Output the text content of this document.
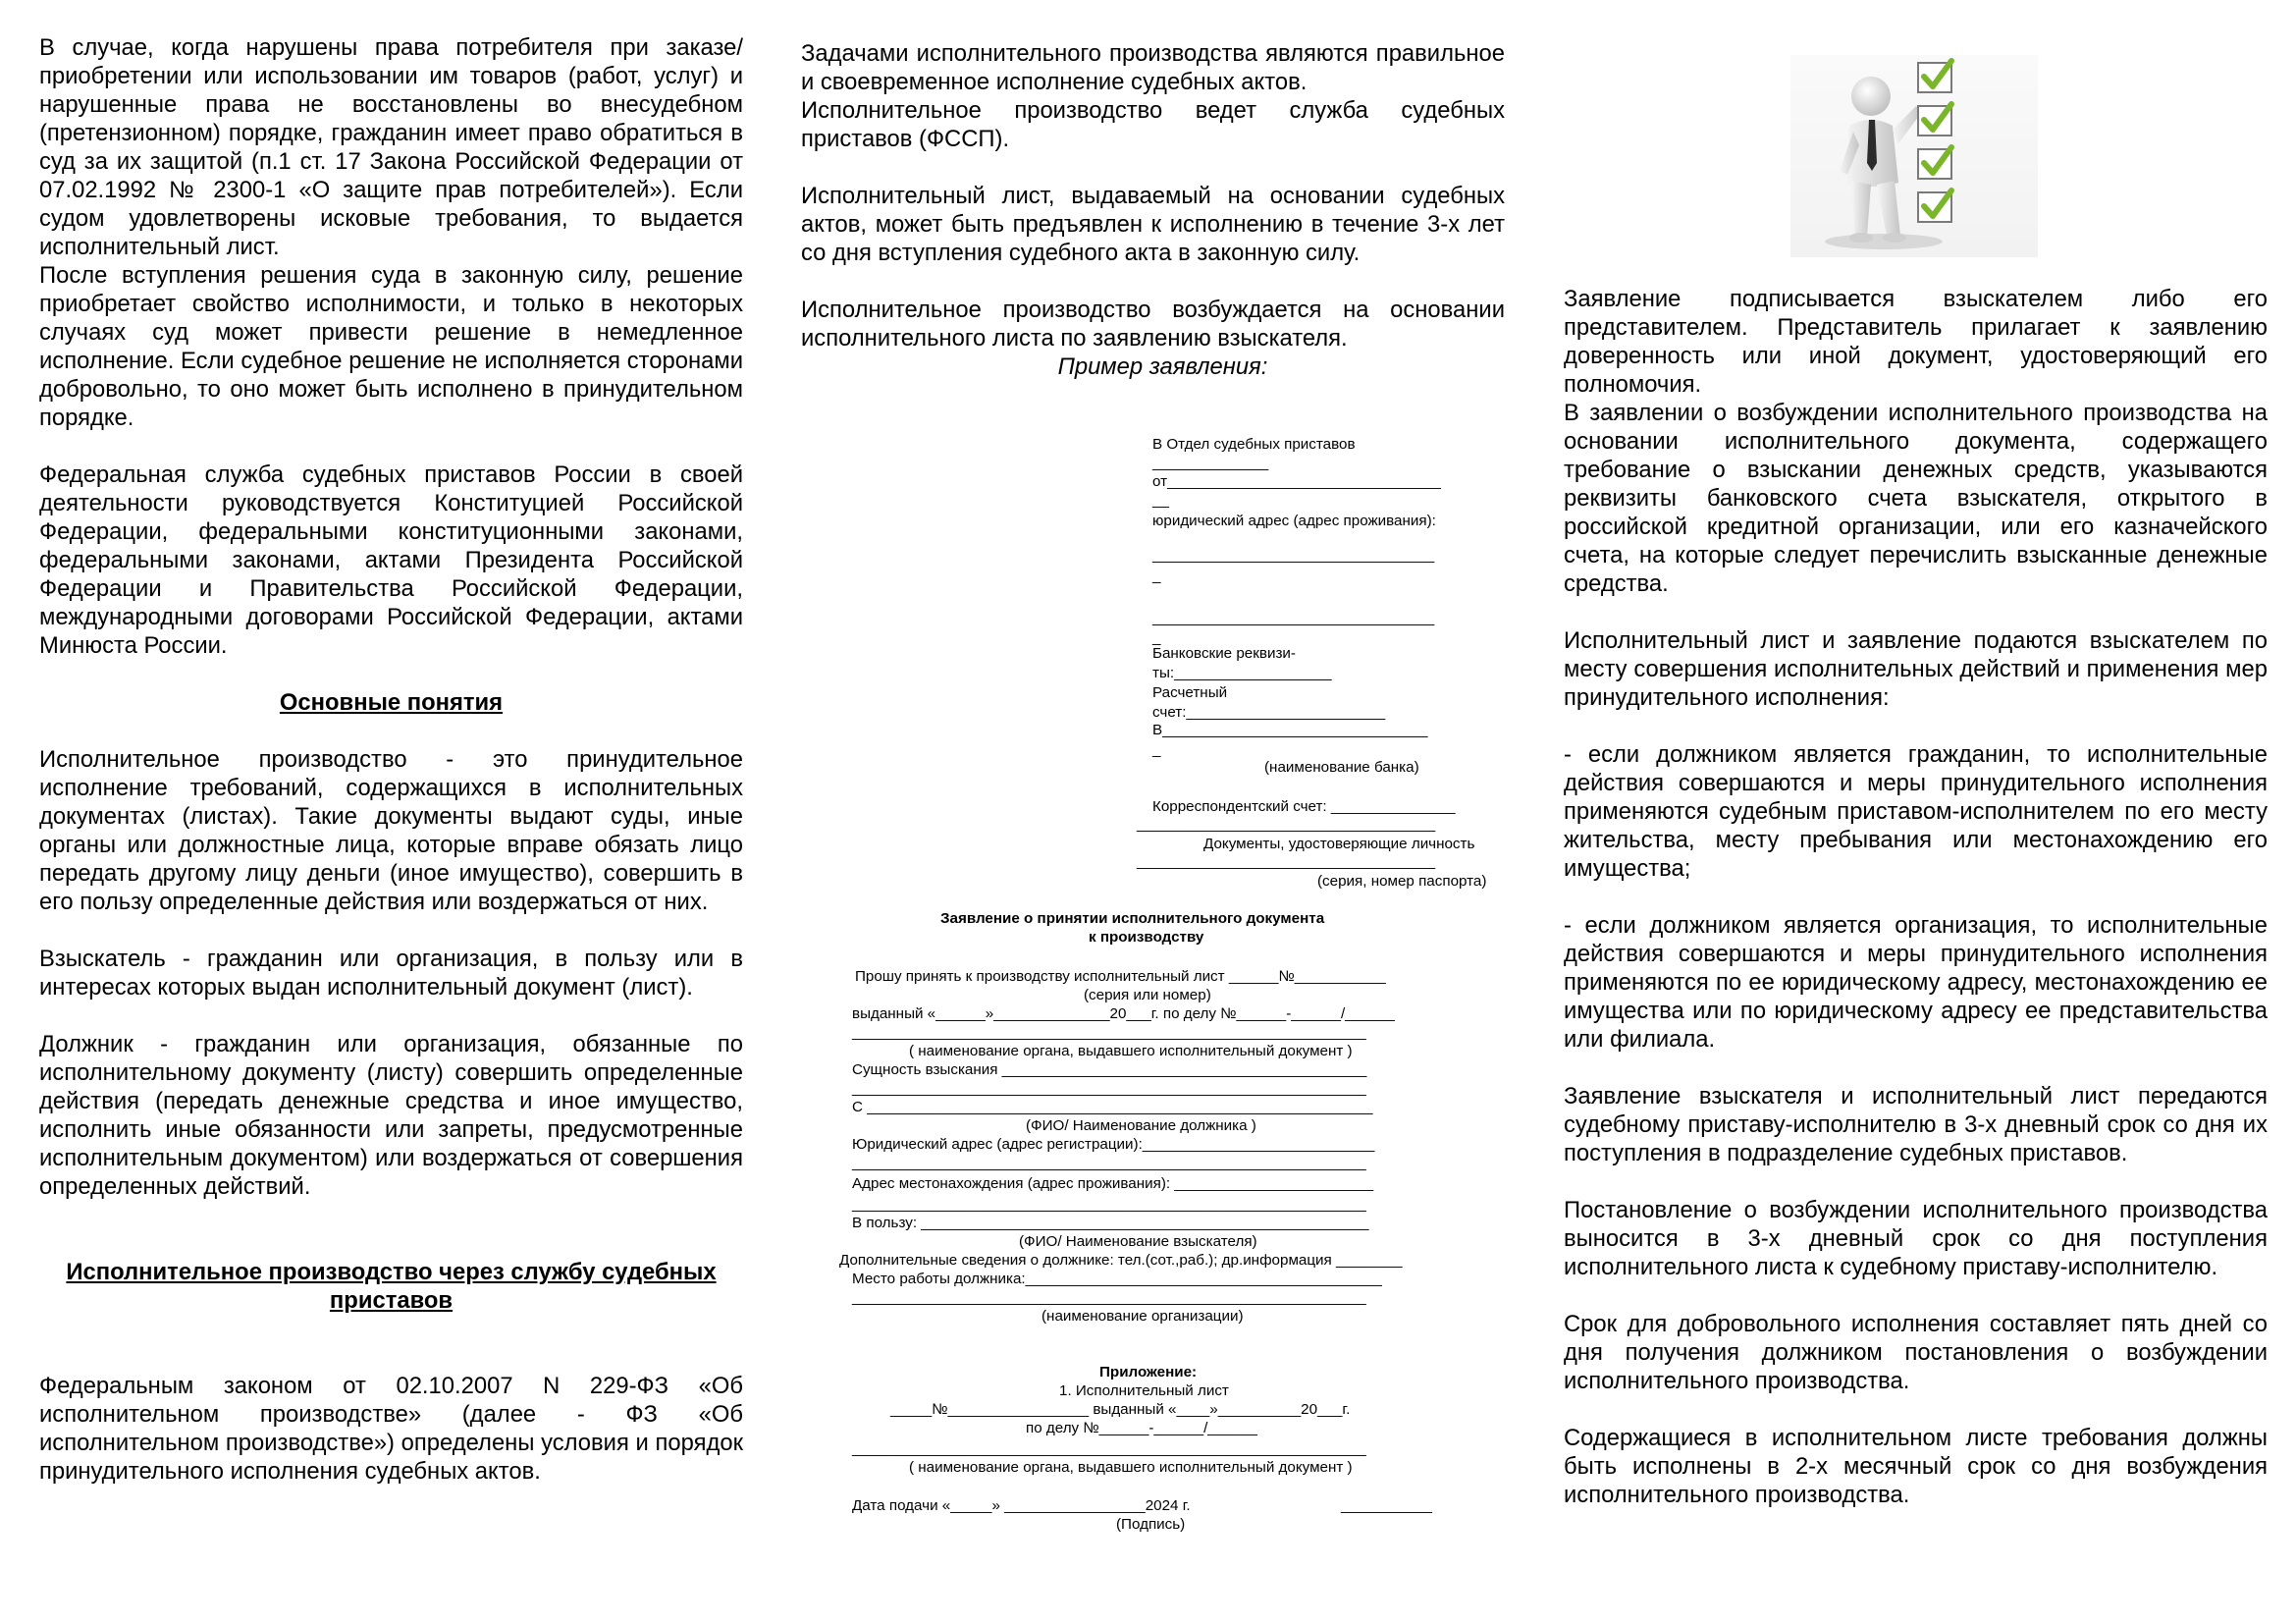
В случае, когда нарушены права потребителя при заказе/приобретении или использовании им товаров (работ, услуг) и нарушенные права не восстановлены во внесудебном (претензионном) порядке, гражданин имеет право обратиться в суд за их защитой (п.1 ст. 17 Закона Российской Федерации от 07.02.1992 № 2300-1 «О защите прав потребителей»). Если судом удовлетворены исковые требования, то выдается исполнительный лист.

После вступления решения суда в законную силу, решение приобретает свойство исполнимости, и только в некоторых случаях суд может привести решение в немедленное исполнение. Если судебное решение не исполняется сторонами добровольно, то оно может быть исполнено в принудительном порядке.

Федеральная служба судебных приставов России в своей деятельности руководствуется Конституцией Российской Федерации, федеральными конституционными законами, федеральными законами, актами Президента Российской Федерации и Правительства Российской Федерации, международными договорами Российской Федерации, актами Минюста России.

Основные понятия

Исполнительное производство - это принудительное исполнение требований, содержащихся в исполнительных документах (листах). Такие документы выдают суды, иные органы или должностные лица, которые вправе обязать лицо передать другому лицу деньги (иное имущество), совершить в его пользу определенные действия или воздержаться от них.

Взыскатель - гражданин или организация, в пользу или в интересах которых выдан исполнительный документ (лист).

Должник - гражданин или организация, обязанные по исполнительному документу (листу) совершить определенные действия (передать денежные средства и иное имущество, исполнить иные обязанности или запреты, предусмотренные исполнительным документом) или воздержаться от совершения определенных действий.

Исполнительное производство через службу судебных приставов

Федеральным законом от 02.10.2007 N 229-ФЗ «Об исполнительном производстве» (далее - ФЗ «Об исполнительном производстве») определены условия и порядок принудительного исполнения судебных актов.

Задачами исполнительного производства являются правильное и своевременное исполнение судебных актов.

Исполнительное производство ведет служба судебных приставов (ФССП).

Исполнительный лист, выдаваемый на основании судебных актов, может быть предъявлен к исполнению в течение 3-х лет со дня вступления судебного акта в законную силу.

Исполнительное производство возбуждается на основании исполнительного листа по заявлению взыскателя.

Пример заявления:

В Отдел судебных приставов
______________
от_________________________________
__
юридический адрес (адрес проживания):
__________________________________
_
__________________________________
_
Банковские реквизи-
ты:___________________
Расчетный
счет:________________________
В________________________________
_
(наименование банка)
Корреспондентский счет: _______________
____________________________________
Документы, удостоверяющие личность
____________________________________
(серия, номер паспорта)
Заявление о принятии исполнительного документа
к производству
Прошу принять к производству исполнительный лист ______№___________
(серия или номер)
выданный «______»______________20___г. по делу №______-______/______
______________________________________________________________
( наименование органа, выдавшего исполнительный документ )
Сущность взыскания ____________________________________________
______________________________________________________________
С _____________________________________________________________
(ФИО/ Наименование должника )
Юридический адрес (адрес регистрации):____________________________
______________________________________________________________
Адрес местонахождения (адрес проживания): ________________________
______________________________________________________________
В пользу: ______________________________________________________
(ФИО/ Наименование взыскателя)
Дополнительные сведения о должнике: тел.(сот.,раб.); др.информация ________
Место работы должника:___________________________________________
______________________________________________________________
(наименование организации)
Приложение:
1. Исполнительный лист
_____№_________________ выданный «____»__________20___г.
по делу №______-______/______
______________________________________________________________
( наименование органа, выдавшего исполнительный документ )
Дата подачи «_____» _________________2024 г.	___________
(Подпись)

Заявление подписывается взыскателем либо его представителем. Представитель прилагает к заявлению доверенность или иной документ, удостоверяющий его полномочия.

В заявлении о возбуждении исполнительного производства на основании исполнительного документа, содержащего требование о взыскании денежных средств, указываются реквизиты банковского счета взыскателя, открытого в российской кредитной организации, или его казначейского счета, на которые следует перечислить взысканные денежные средства.

Исполнительный лист и заявление подаются взыскателем по месту совершения исполнительных действий и применения мер принудительного исполнения:

- если должником является гражданин, то исполнительные действия совершаются и меры принудительного исполнения применяются судебным приставом-исполнителем по его месту жительства, месту пребывания или местонахождению его имущества;

- если должником является организация, то исполнительные действия совершаются и меры принудительного исполнения применяются по ее юридическому адресу, местонахождению ее имущества или по юридическому адресу ее представительства или филиала.

Заявление взыскателя и исполнительный лист передаются судебному приставу-исполнителю в 3-х дневный срок со дня их поступления в подразделение судебных приставов.

Постановление о возбуждении исполнительного производства выносится в 3-х дневный срок со дня поступления исполнительного листа к судебному приставу-исполнителю.

Срок для добровольного исполнения составляет пять дней со дня получения должником постановления о возбуждении исполнительного производства.

Содержащиеся в исполнительном листе требования должны быть исполнены в 2-х месячный срок со дня возбуждения исполнительного производства.
